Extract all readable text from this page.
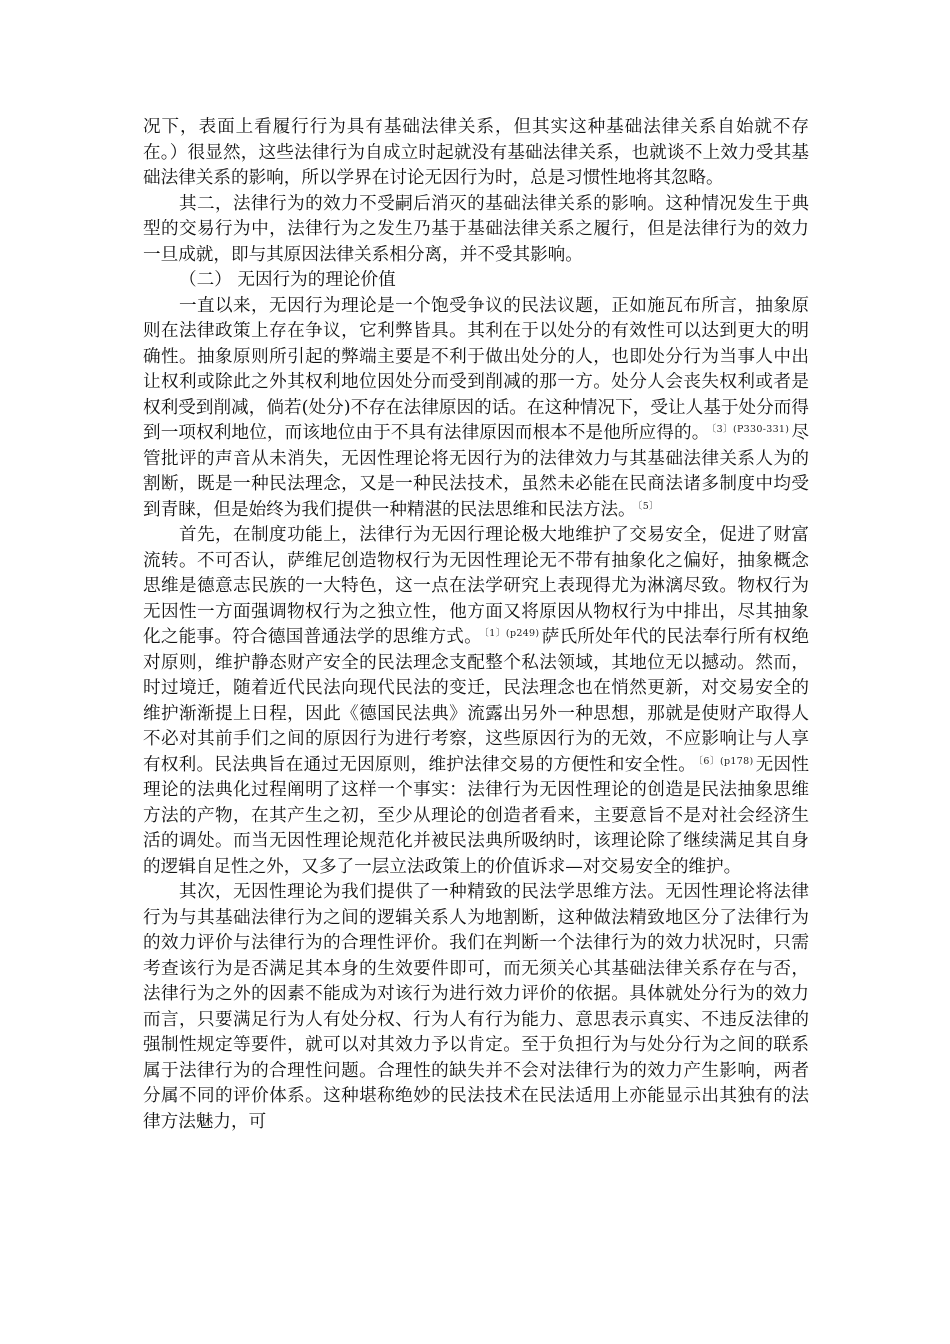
况下，表面上看履行行为具有基础法律关系，但其实这种基础法律关系自始就不存在。）很显然，这些法律行为自成立时起就没有基础法律关系，也就谈不上效力受其基础法律关系的影响，所以学界在讨论无因行为时，总是习惯性地将其忽略。

其二，法律行为的效力不受嗣后消灭的基础法律关系的影响。这种情况发生于典型的交易行为中，法律行为之发生乃基于基础法律关系之履行，但是法律行为的效力一旦成就，即与其原因法律关系相分离，并不受其影响。

（二） 无因行为的理论价值

一直以来，无因行为理论是一个饱受争议的民法议题，正如施瓦布所言，抽象原则在法律政策上存在争议，它利弊皆具。其利在于以处分的有效性可以达到更大的明确性。抽象原则所引起的弊端主要是不利于做出处分的人，也即处分行为当事人中出让权利或除此之外其权利地位因处分而受到削减的那一方。处分人会丧失权利或者是权利受到削减，倘若(处分)不存在法律原因的话。在这种情况下，受让人基于处分而得到一项权利地位，而该地位由于不具有法律原因而根本不是他所应得的。 $^{〔3〕(P330-331)}$ 尽管批评的声音从未消失，无因性理论将无因行为的法律效力与其基础法律关系人为的割断，既是一种民法理念，又是一种民法技术，虽然未必能在民商法诸多制度中均受到青睐，但是始终为我们提供一种精湛的民法思维和民法方法。 $^{〔5〕}$

首先，在制度功能上，法律行为无因行理论极大地维护了交易安全，促进了财富流转。不可否认，萨维尼创造物权行为无因性理论无不带有抽象化之偏好，抽象概念思维是德意志民族的一大特色，这一点在法学研究上表现得尤为淋漓尽致。物权行为无因性一方面强调物权行为之独立性，他方面又将原因从物权行为中排出，尽其抽象化之能事。符合德国普通法学的思维方式。 $^{〔1〕(p249)}$ 萨氏所处年代的民法奉行所有权绝对原则，维护静态财产安全的民法理念支配整个私法领域，其地位无以撼动。然而，时过境迁，随着近代民法向现代民法的变迁，民法理念也在悄然更新，对交易安全的维护渐渐提上日程，因此《德国民法典》流露出另外一种思想，那就是使财产取得人不必对其前手们之间的原因行为进行考察，这些原因行为的无效，不应影响让与人享有权利。民法典旨在通过无因原则，维护法律交易的方便性和安全性。 $^{〔6〕(p178)}$ 无因性理论的法典化过程阐明了这样一个事实：法律行为无因性理论的创造是民法抽象思维方法的产物，在其产生之初，至少从理论的创造者看来，主要意旨不是对社会经济生活的调处。而当无因性理论规范化并被民法典所吸纳时，该理论除了继续满足其自身的逻辑自足性之外，又多了一层立法政策上的价值诉求—对交易安全的维护。

其次，无因性理论为我们提供了一种精致的民法学思维方法。无因性理论将法律行为与其基础法律行为之间的逻辑关系人为地割断，这种做法精致地区分了法律行为的效力评价与法律行为的合理性评价。我们在判断一个法律行为的效力状况时，只需考查该行为是否满足其本身的生效要件即可，而无须关心其基础法律关系存在与否，法律行为之外的因素不能成为对该行为进行效力评价的依据。具体就处分行为的效力而言，只要满足行为人有处分权、行为人有行为能力、意思表示真实、不违反法律的强制性规定等要件，就可以对其效力予以肯定。至于负担行为与处分行为之间的联系属于法律行为的合理性问题。合理性的缺失并不会对法律行为的效力产生影响，两者分属不同的评价体系。这种堪称绝妙的民法技术在民法适用上亦能显示出其独有的法律方法魅力，可
